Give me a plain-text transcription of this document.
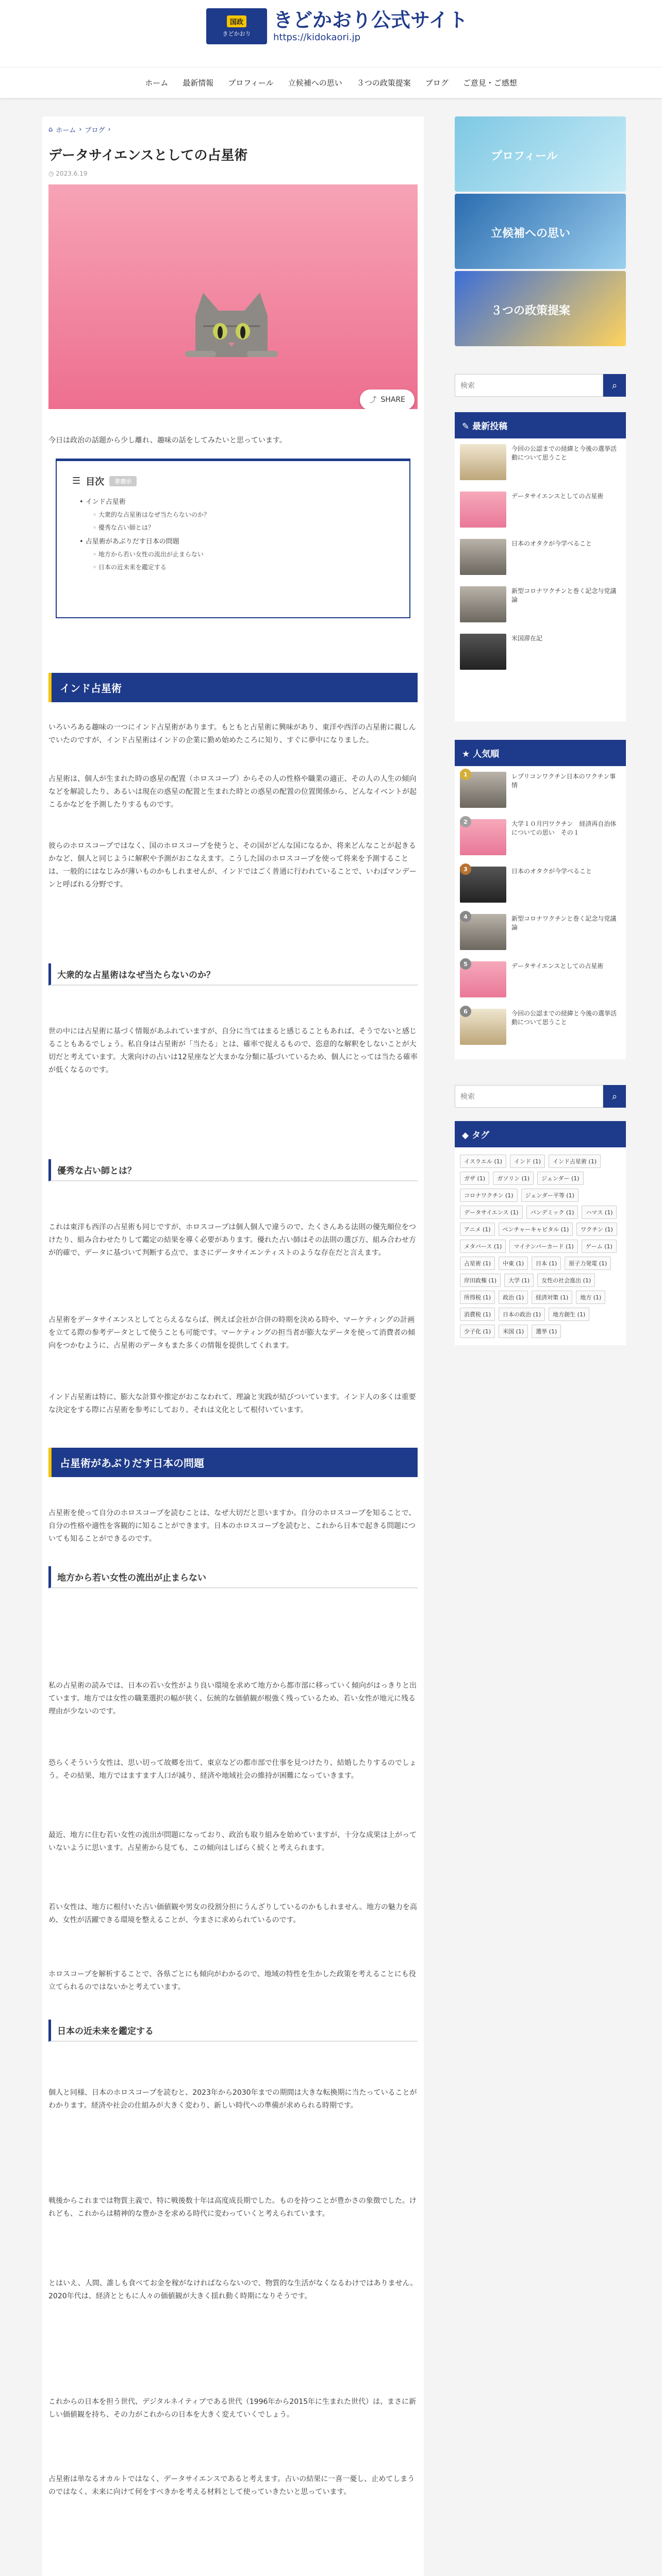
国政
きどかおり
きどかおり公式サイト
https://kidokaori.jp
ホーム 最新情報 プロフィール 立候補への思い ３つの政策提案 ブログ ご意見・ご感想
⌂ ホーム › ブログ ›
データサイエンスとしての占星術
◷ 2023.6.19
⤴ SHARE

今日は政治の話題から少し離れ、趣味の話をしてみたいと思っています。

☰ 目次	非表示
• インド占星術
◦ 大衆的な占星術はなぜ当たらないのか？
◦ 優秀な占い師とは？
• 占星術があぶりだす日本の問題
◦ 地方から若い女性の流出が止まらない
◦ 日本の近未来を鑑定する
インド占星術

いろいろある趣味の一つにインド占星術があります。もともと占星術に興味があり、東洋や西洋の占星術に親しんでいたのですが、インド占星術はインドの企業に勤め始めたころに知り、すぐに夢中になりました。

占星術は、個人が生まれた時の惑星の配置（ホロスコープ）からその人の性格や職業の適正、その人の人生の傾向などを解読したり、あるいは現在の惑星の配置と生まれた時との惑星の配置の位置関係から、どんなイベントが起こるかなどを予測したりするものです。

彼らのホロスコープではなく、国のホロスコープを使うと、その国がどんな国になるか、将来どんなことが起きるかなど、個人と同じように解釈や予測がおこなえます。こうした国のホロスコープを使って将来を予測することは、一般的にはなじみが薄いものかもしれませんが、インドではごく普通に行われていることで、いわばマンデーンと呼ばれる分野です。

大衆的な占星術はなぜ当たらないのか？

世の中には占星術に基づく情報があふれていますが、自分に当てはまると感じることもあれば、そうでないと感じることもあるでしょう。私自身は占星術が「当たる」とは、確率で捉えるもので、恣意的な解釈をしないことが大切だと考えています。大衆向けの占いは12星座など大まかな分類に基づいているため、個人にとっては当たる確率が低くなるのです。

優秀な占い師とは？

これは東洋も西洋の占星術も同じですが、ホロスコープは個人個人で違うので、たくさんある法則の優先順位をつけたり、組み合わせたりして鑑定の結果を導く必要があります。優れた占い師はその法則の選び方、組み合わせ方が的確で、データに基づいて判断する点で、まさにデータサイエンティストのような存在だと言えます。

占星術をデータサイエンスとしてとらえるならば、例えば会社が合併の時期を決める時や、マーケティングの計画を立てる際の参考データとして使うことも可能です。マーケティングの担当者が膨大なデータを使って消費者の傾向をつかむように、占星術のデータもまた多くの情報を提供してくれます。

インド占星術は特に、膨大な計算や推定がおこなわれて、理論と実践が結びついています。インド人の多くは重要な決定をする際に占星術を参考にしており、それは文化として根付いています。

占星術があぶりだす日本の問題

占星術を使って自分のホロスコープを読むことは、なぜ大切だと思いますか。自分のホロスコープを知ることで、自分の性格や適性を客観的に知ることができます。日本のホロスコープを読むと、これから日本で起きる問題についても知ることができるのです。

地方から若い女性の流出が止まらない

私の占星術の読みでは、日本の若い女性がより良い環境を求めて地方から都市部に移っていく傾向がはっきりと出ています。地方では女性の職業選択の幅が狭く、伝統的な価値観が根強く残っているため、若い女性が地元に残る理由が少ないのです。

恐らくそういう女性は、思い切って故郷を出て、東京などの都市部で仕事を見つけたり、結婚したりするのでしょう。その結果、地方ではますます人口が減り、経済や地域社会の維持が困難になっていきます。

最近、地方に住む若い女性の流出が問題になっており、政治も取り組みを始めていますが、十分な成果は上がっていないように思います。占星術から見ても、この傾向はしばらく続くと考えられます。

若い女性は、地方に根付いた古い価値観や男女の役割分担にうんざりしているのかもしれません。地方の魅力を高め、女性が活躍できる環境を整えることが、今まさに求められているのです。

ホロスコープを解析することで、各県ごとにも傾向がわかるので、地域の特性を生かした政策を考えることにも役立てられるのではないかと考えています。

日本の近未来を鑑定する

個人と同様、日本のホロスコープを読むと、2023年から2030年までの期間は大きな転換期に当たっていることがわかります。経済や社会の仕組みが大きく変わり、新しい時代への準備が求められる時期です。

戦後からこれまでは物質主義で、特に戦後数十年は高度成長期でした。ものを持つことが豊かさの象徴でした。けれども、これからは精神的な豊かさを求める時代に変わっていくと考えられています。

とはいえ、人間、誰しも食べてお金を稼がなければならないので、物質的な生活がなくなるわけではありません。2020年代は、経済とともに人々の価値観が大きく揺れ動く時期になりそうです。

これからの日本を担う世代、デジタルネイティブである世代（1996年から2015年に生まれた世代）は、まさに新しい価値観を持ち、その力がこれからの日本を大きく変えていくでしょう。

占星術は単なるオカルトではなく、データサイエンスであると考えます。占いの結果に一喜一憂し、止めてしまうのではなく、未来に向けて何をすべきかを考える材料として使っていきたいと思っています。

プロフィール
立候補への思い
３つの政策提案
検索
⌕
✎ 最新投稿
今回の公認までの経緯と今後の選挙活動について思うこと
データサイエンスとしての占星術
日本のオタクが今学べること
新型コロナワクチンと巻く記念与党議論
米国滞在記
★ 人気順
1	レプリコンワクチン日本のワクチン事情
2	大学１０月円ワクチン　経済再自治体についての思い　その１
3	日本のオタクが今学べること
4	新型コロナワクチンと巻く記念与党議論
5	データサイエンスとしての占星術
6	今回の公認までの経緯と今後の選挙活動について思うこと
検索
⌕
◆ タグ
イスラエル (1)	インド (1)	インド占星術 (1)
ガザ (1)	ガソリン (1)	ジェンダー (1)
コロナワクチン (1)	ジェンダー平等 (1)
データサイエンス (1)	パンデミック (1)	ハマス (1)
アニメ (1)	ベンチャーキャピタル (1)	ワクチン (1)
メタバース (1)	マイナンバーカード (1)	ゲーム (1)
占星術 (1)	中東 (1)	日本 (1)	原子力発電 (1)
岸田政権 (1)	大学 (1)	女性の社会進出 (1)
所得税 (1)	政治 (1)	経済対策 (1)	地方 (1)
消費税 (1)	日本の政治 (1)	地方創生 (1)
少子化 (1)	米国 (1)	選挙 (1)
